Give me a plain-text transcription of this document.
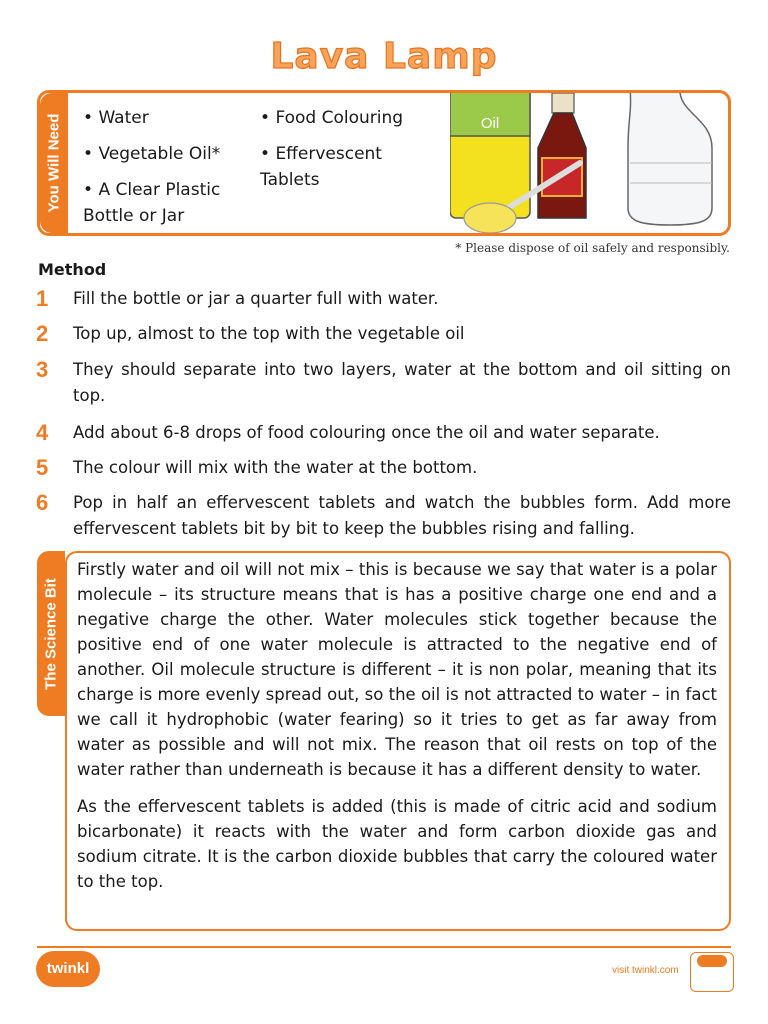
Lava Lamp
You Will Need
•	Water
• Vegetable Oil*
• A Clear Plastic Bottle or Jar
• Food Colouring
• Effervescent Tablets
Oil
* Please dispose of oil safely and responsibly.
Method
1	Fill the bottle or jar a quarter full with water.
2	Top up, almost to the top with the vegetable oil
3	They should separate into two layers, water at the bottom and oil sitting on top.
4	Add about 6-8 drops of food colouring once the oil and water separate.
5	The colour will mix with the water at the bottom.
6	Pop in half an effervescent tablets and watch the bubbles form. Add more effervescent tablets bit by bit to keep the bubbles rising and falling.
The Science Bit

Firstly water and oil will not mix – this is because we say that water is a polar molecule – its structure means that is has a positive charge one end and a negative charge the other. Water molecules stick together because the positive end of one water molecule is attracted to the negative end of another. Oil molecule structure is different – it is non polar, meaning that its charge is more evenly spread out, so the oil is not attracted to water – in fact we call it hydrophobic (water fearing) so it tries to get as far away from water as possible and will not mix. The reason that oil rests on top of the water rather than underneath is because it has a different density to water.

As the effervescent tablets is added (this is made of citric acid and sodium bicarbonate) it reacts with the water and form carbon dioxide gas and sodium citrate. It is the carbon dioxide bubbles that carry the coloured water to the top.

twinkl	visit twinkl.com
